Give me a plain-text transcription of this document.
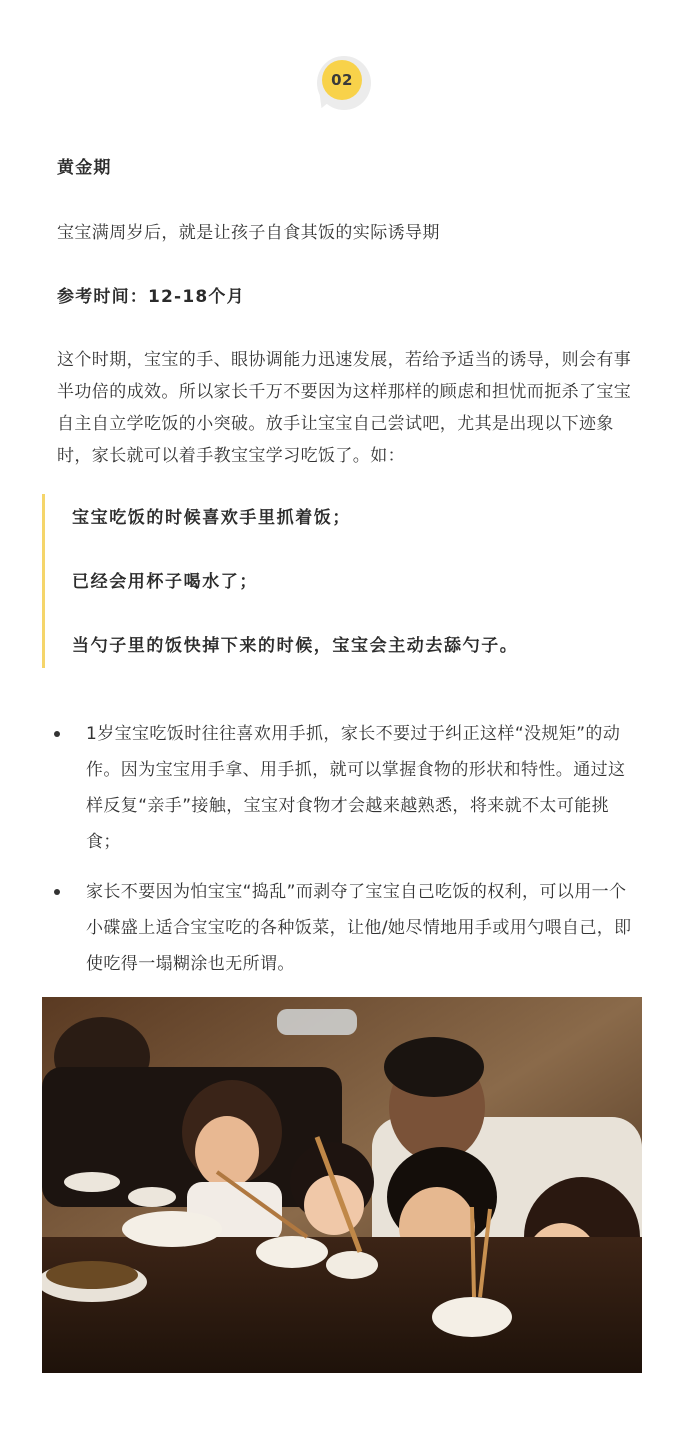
02
黄金期
宝宝满周岁后，就是让孩子自食其饭的实际诱导期
参考时间：12-18个月
这个时期，宝宝的手、眼协调能力迅速发展，若给予适当的诱导，则会有事半功倍的成效。所以家长千万不要因为这样那样的顾虑和担忧而扼杀了宝宝自主自立学吃饭的小突破。放手让宝宝自己尝试吧，尤其是出现以下迹象时，家长就可以着手教宝宝学习吃饭了。如：
宝宝吃饭的时候喜欢手里抓着饭；
已经会用杯子喝水了；
当勺子里的饭快掉下来的时候，宝宝会主动去舔勺子。
1岁宝宝吃饭时往往喜欢用手抓，家长不要过于纠正这样“没规矩”的动作。因为宝宝用手拿、用手抓，就可以掌握食物的形状和特性。通过这样反复“亲手”接触，宝宝对食物才会越来越熟悉，将来就不太可能挑食；
家长不要因为怕宝宝“捣乱”而剥夺了宝宝自己吃饭的权利，可以用一个小碟盛上适合宝宝吃的各种饭菜，让他/她尽情地用手或用勺喂自己，即使吃得一塌糊涂也无所谓。
